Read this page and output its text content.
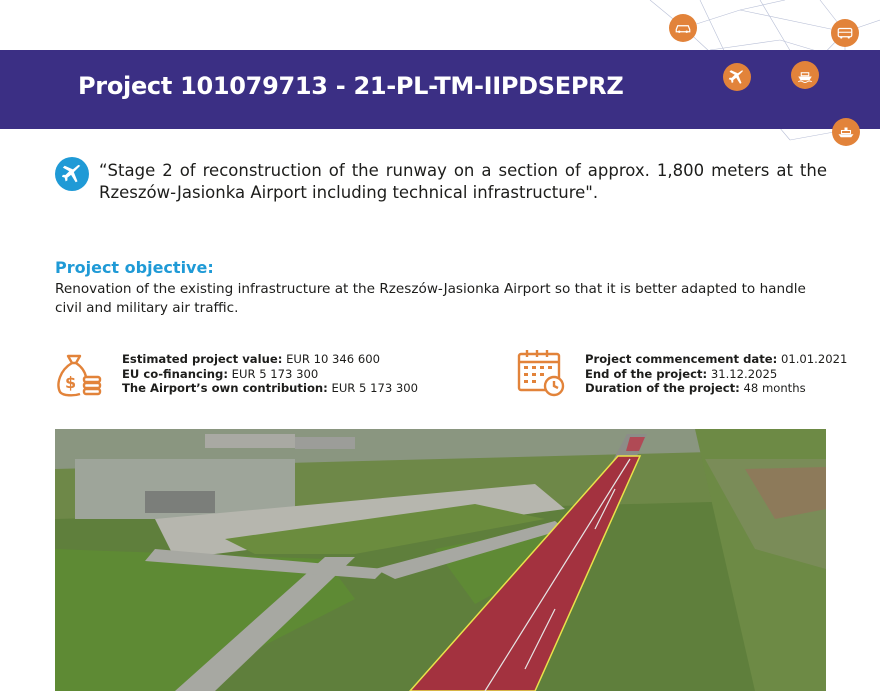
Project 101079713 - 21-PL-TM-IIPDSEPRZ

“Stage 2 of reconstruction of the runway on a section of approx. 1,800 meters at the Rzeszów-Jasionka Airport including technical infrastructure".

Project objective:

Renovation of the existing infrastructure at the Rzeszów-Jasionka Airport so that it is better adapted to handle civil and military air traffic.

$
Estimated project value: EUR 10 346 600
EU co-financing: EUR 5 173 300
The Airport’s own contribution: EUR 5 173 300
Project commencement date: 01.01.2021
End of the project: 31.12.2025
Duration of the project: 48 months
